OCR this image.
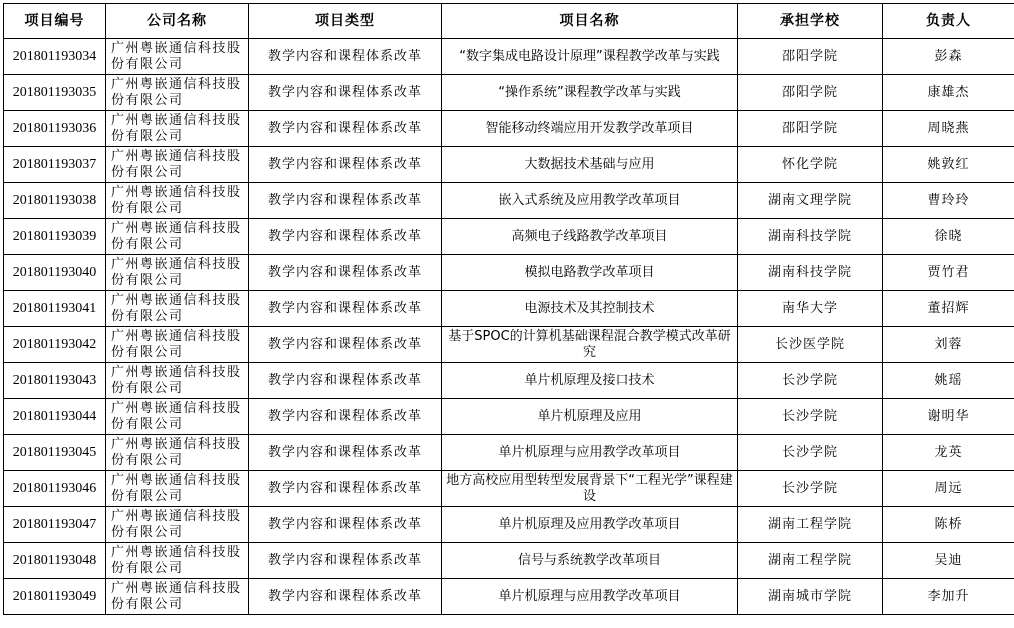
项目编号	公司名称	项目类型	项目名称	承担学校	负责人
201801193034	广州粤嵌通信科技股份有限公司	教学内容和课程体系改革	“数字集成电路设计原理”课程教学改革与实践	邵阳学院	彭森
201801193035	广州粤嵌通信科技股份有限公司	教学内容和课程体系改革	“操作系统”课程教学改革与实践	邵阳学院	康雄杰
201801193036	广州粤嵌通信科技股份有限公司	教学内容和课程体系改革	智能移动终端应用开发教学改革项目	邵阳学院	周晓燕
201801193037	广州粤嵌通信科技股份有限公司	教学内容和课程体系改革	大数据技术基础与应用	怀化学院	姚敦红
201801193038	广州粤嵌通信科技股份有限公司	教学内容和课程体系改革	嵌入式系统及应用教学改革项目	湖南文理学院	曹玲玲
201801193039	广州粤嵌通信科技股份有限公司	教学内容和课程体系改革	高频电子线路教学改革项目	湖南科技学院	徐晓
201801193040	广州粤嵌通信科技股份有限公司	教学内容和课程体系改革	模拟电路教学改革项目	湖南科技学院	贾竹君
201801193041	广州粤嵌通信科技股份有限公司	教学内容和课程体系改革	电源技术及其控制技术	南华大学	董招辉
201801193042	广州粤嵌通信科技股份有限公司	教学内容和课程体系改革	基于SPOC的计算机基础课程混合教学模式改革研究	长沙医学院	刘蓉
201801193043	广州粤嵌通信科技股份有限公司	教学内容和课程体系改革	单片机原理及接口技术	长沙学院	姚瑶
201801193044	广州粤嵌通信科技股份有限公司	教学内容和课程体系改革	单片机原理及应用	长沙学院	谢明华
201801193045	广州粤嵌通信科技股份有限公司	教学内容和课程体系改革	单片机原理与应用教学改革项目	长沙学院	龙英
201801193046	广州粤嵌通信科技股份有限公司	教学内容和课程体系改革	地方高校应用型转型发展背景下“工程光学”课程建设	长沙学院	周远
201801193047	广州粤嵌通信科技股份有限公司	教学内容和课程体系改革	单片机原理及应用教学改革项目	湖南工程学院	陈桥
201801193048	广州粤嵌通信科技股份有限公司	教学内容和课程体系改革	信号与系统教学改革项目	湖南工程学院	吴迪
201801193049	广州粤嵌通信科技股份有限公司	教学内容和课程体系改革	单片机原理与应用教学改革项目	湖南城市学院	李加升
